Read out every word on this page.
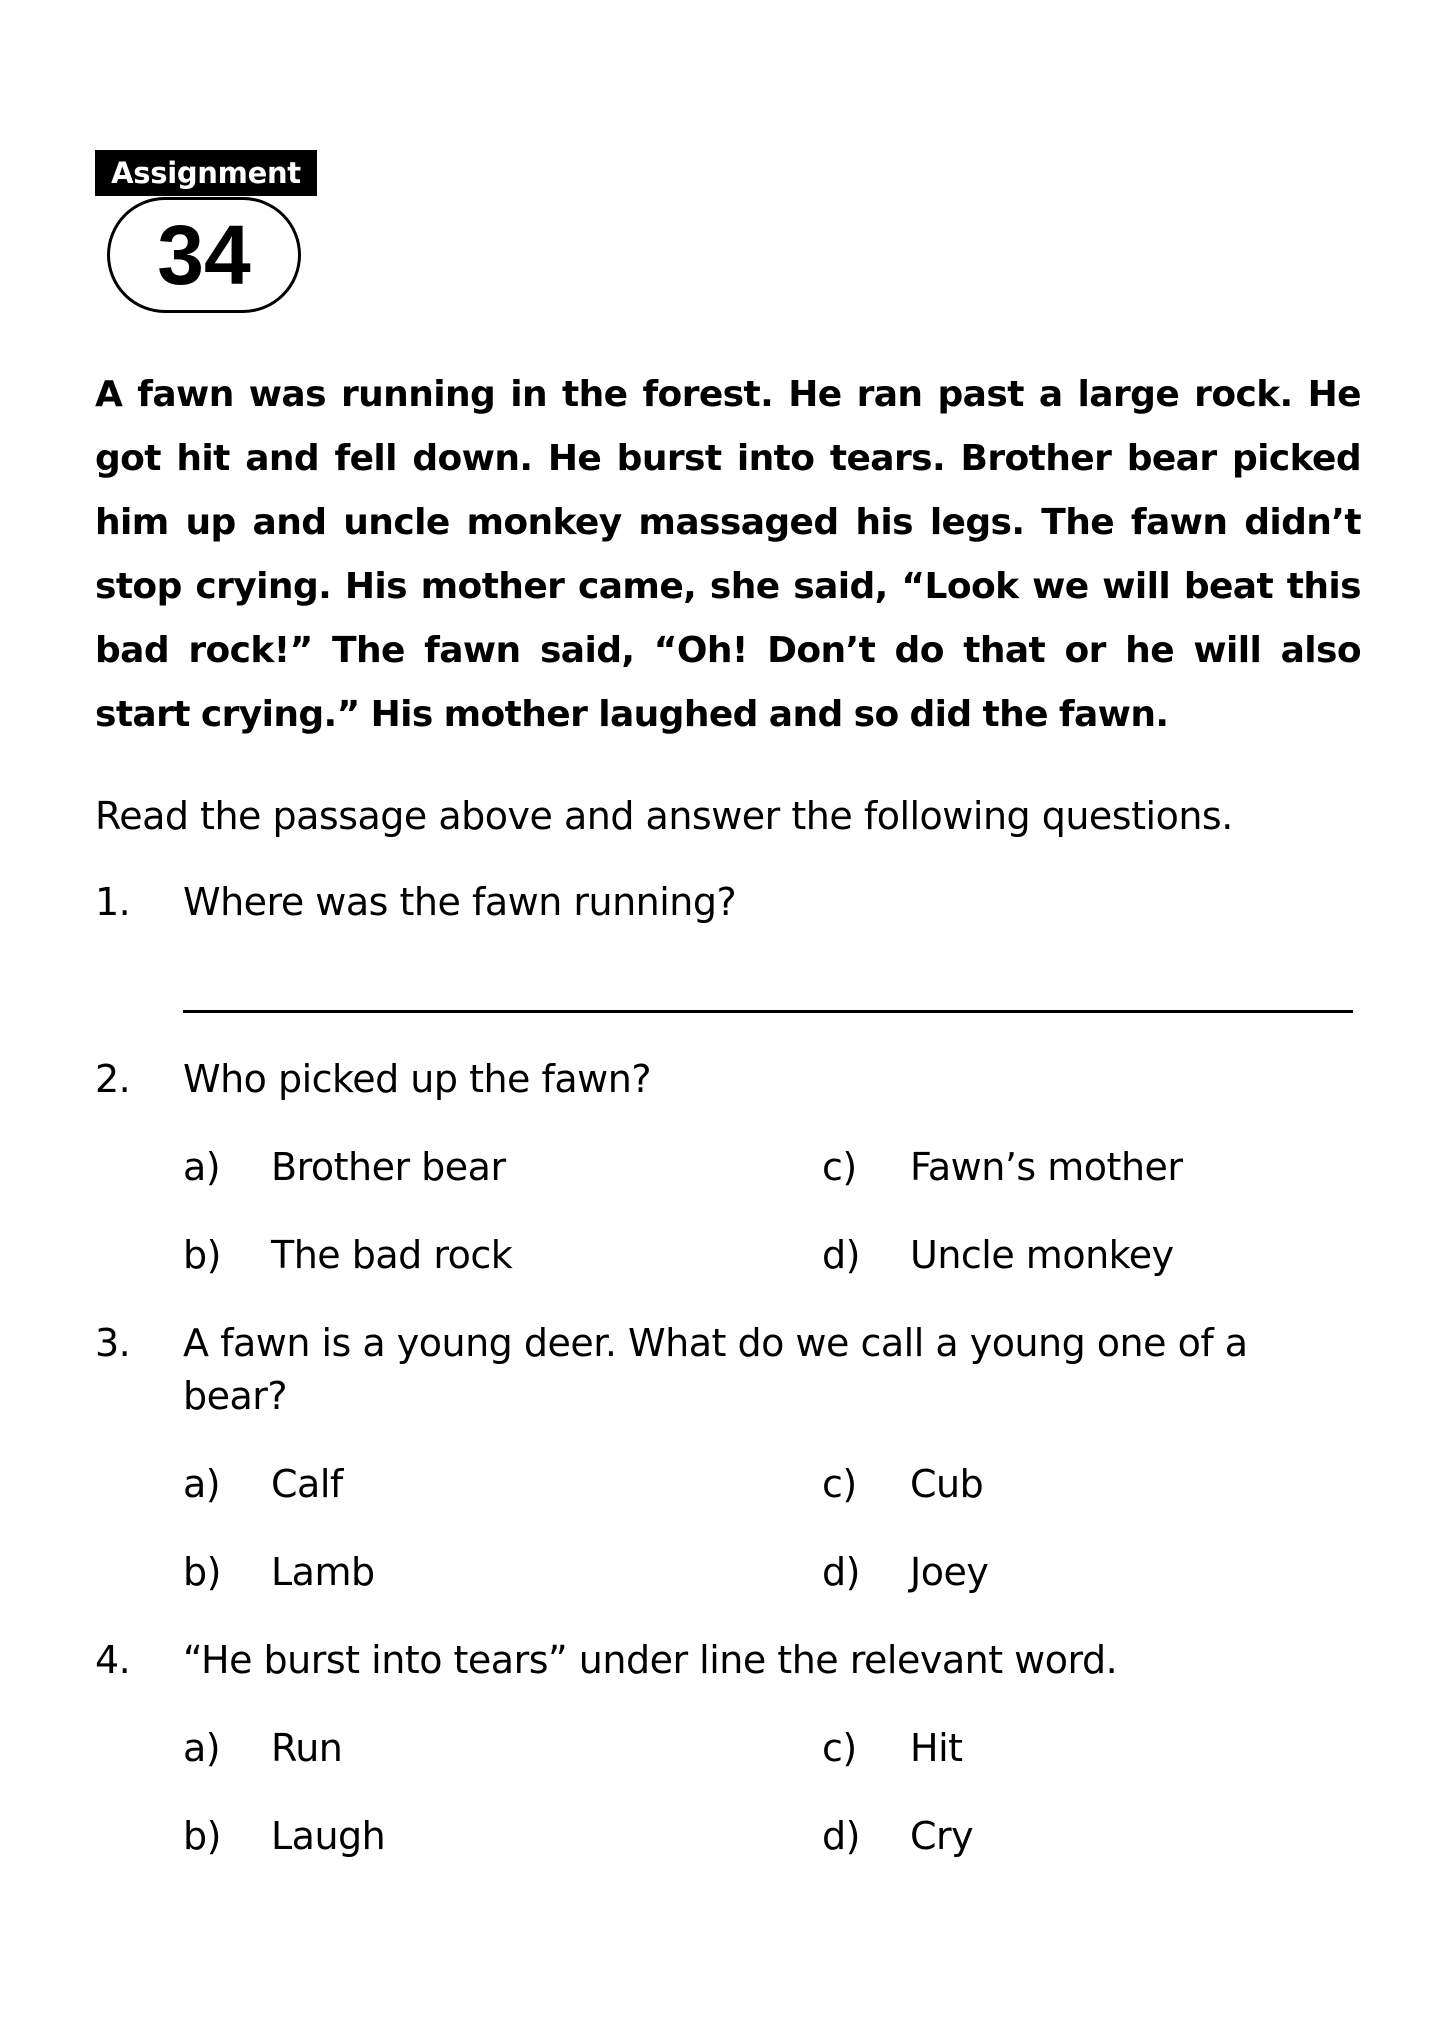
Assignment
34

A fawn was running in the forest. He ran past a large rock. He got hit and fell down. He burst into tears. Brother bear picked him up and uncle monkey massaged his legs. The fawn didn’t stop crying. His mother came, she said, “Look we will beat this bad rock!” The fawn said, “Oh! Don’t do that or he will also start crying.” His mother laughed and so did the fawn.

Read the passage above and answer the following questions.

1. Where was the fawn running?
2. Who picked up the fawn?
a) Brother bear	c) Fawn’s mother
b) The bad rock	d) Uncle monkey
3. A fawn is a young deer. What do we call a young one of a bear?
a) Calf	c) Cub
b) Lamb	d) Joey
4. “He burst into tears” under line the relevant word.
a) Run	c) Hit
b) Laugh	d) Cry
